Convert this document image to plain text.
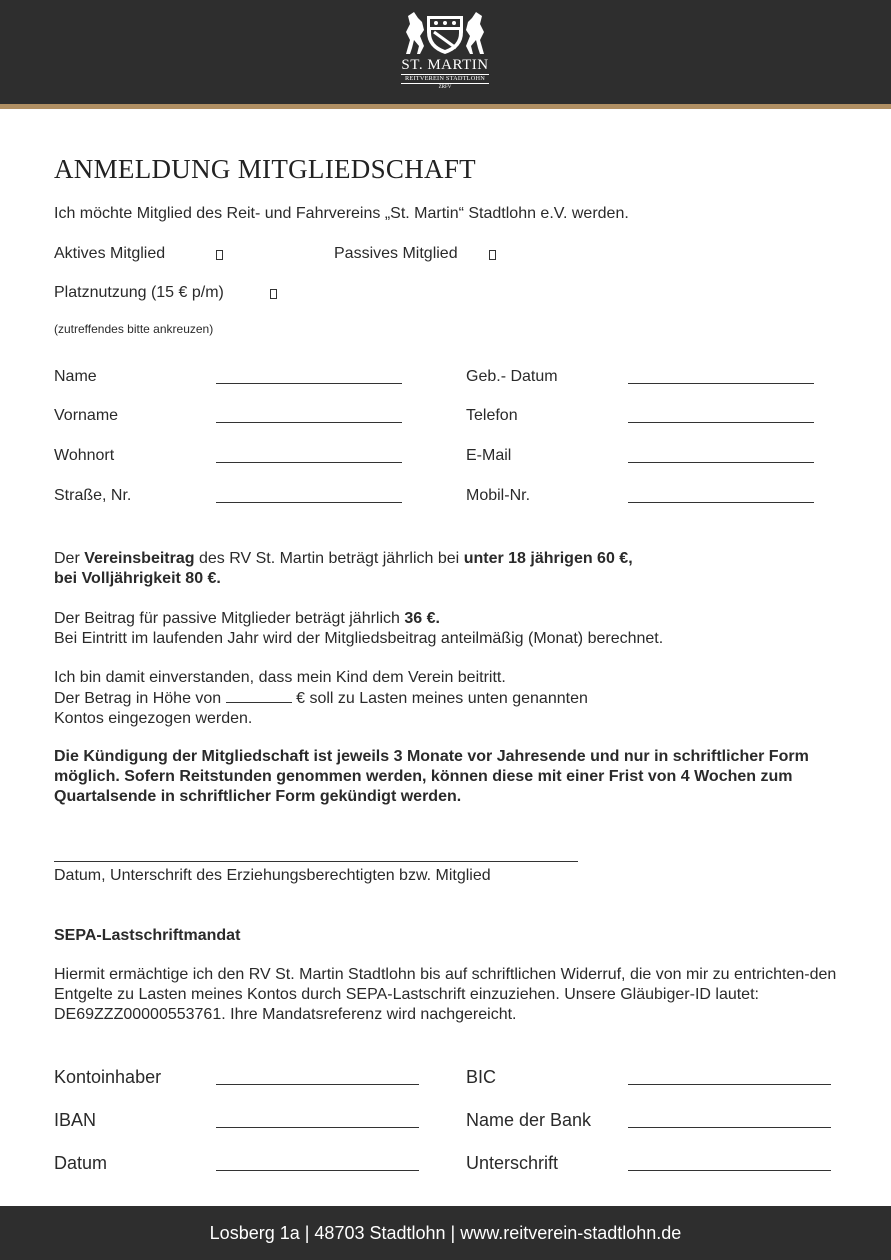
ST. MARTIN
REITVEREIN STADTLOHN
ZRFV
ANMELDUNG MITGLIEDSCHAFT
Ich möchte Mitglied des Reit- und Fahrvereins „St. Martin“ Stadtlohn e.V. werden.
Aktives Mitglied	Passives Mitglied
Platznutzung (15 € p/m)
(zutreffendes bitte ankreuzen)
Name	Geb.- Datum
Vorname	Telefon
Wohnort	E-Mail
Straße, Nr.	Mobil-Nr.
Der Vereinsbeitrag des RV St. Martin beträgt jährlich bei unter 18 jährigen 60 €,
bei Volljährigkeit 80 €.
Der Beitrag für passive Mitglieder beträgt jährlich 36 €.
Bei Eintritt im laufenden Jahr wird der Mitgliedsbeitrag anteilmäßig (Monat) berechnet.
Ich bin damit einverstanden, dass mein Kind dem Verein beitritt.
Der Betrag in Höhe von	€ soll zu Lasten meines unten genannten
Kontos eingezogen werden.
Die Kündigung der Mitgliedschaft ist jeweils 3 Monate vor Jahresende und nur in schriftlicher Form möglich. Sofern Reitstunden genommen werden, können diese mit einer Frist von 4 Wochen zum Quartalsende in schriftlicher Form gekündigt werden.
Datum, Unterschrift des Erziehungsberechtigten bzw. Mitglied
SEPA-Lastschriftmandat
Hiermit ermächtige ich den RV St. Martin Stadtlohn bis auf schriftlichen Widerruf, die von mir zu entrichten-den Entgelte zu Lasten meines Kontos durch SEPA-Lastschrift einzuziehen. Unsere Gläubiger-ID lautet: DE69ZZZ00000553761. Ihre Mandatsreferenz wird nachgereicht.
Kontoinhaber	BIC
IBAN	Name der Bank
Datum	Unterschrift
Losberg 1a | 48703 Stadtlohn | www.reitverein-stadtlohn.de
